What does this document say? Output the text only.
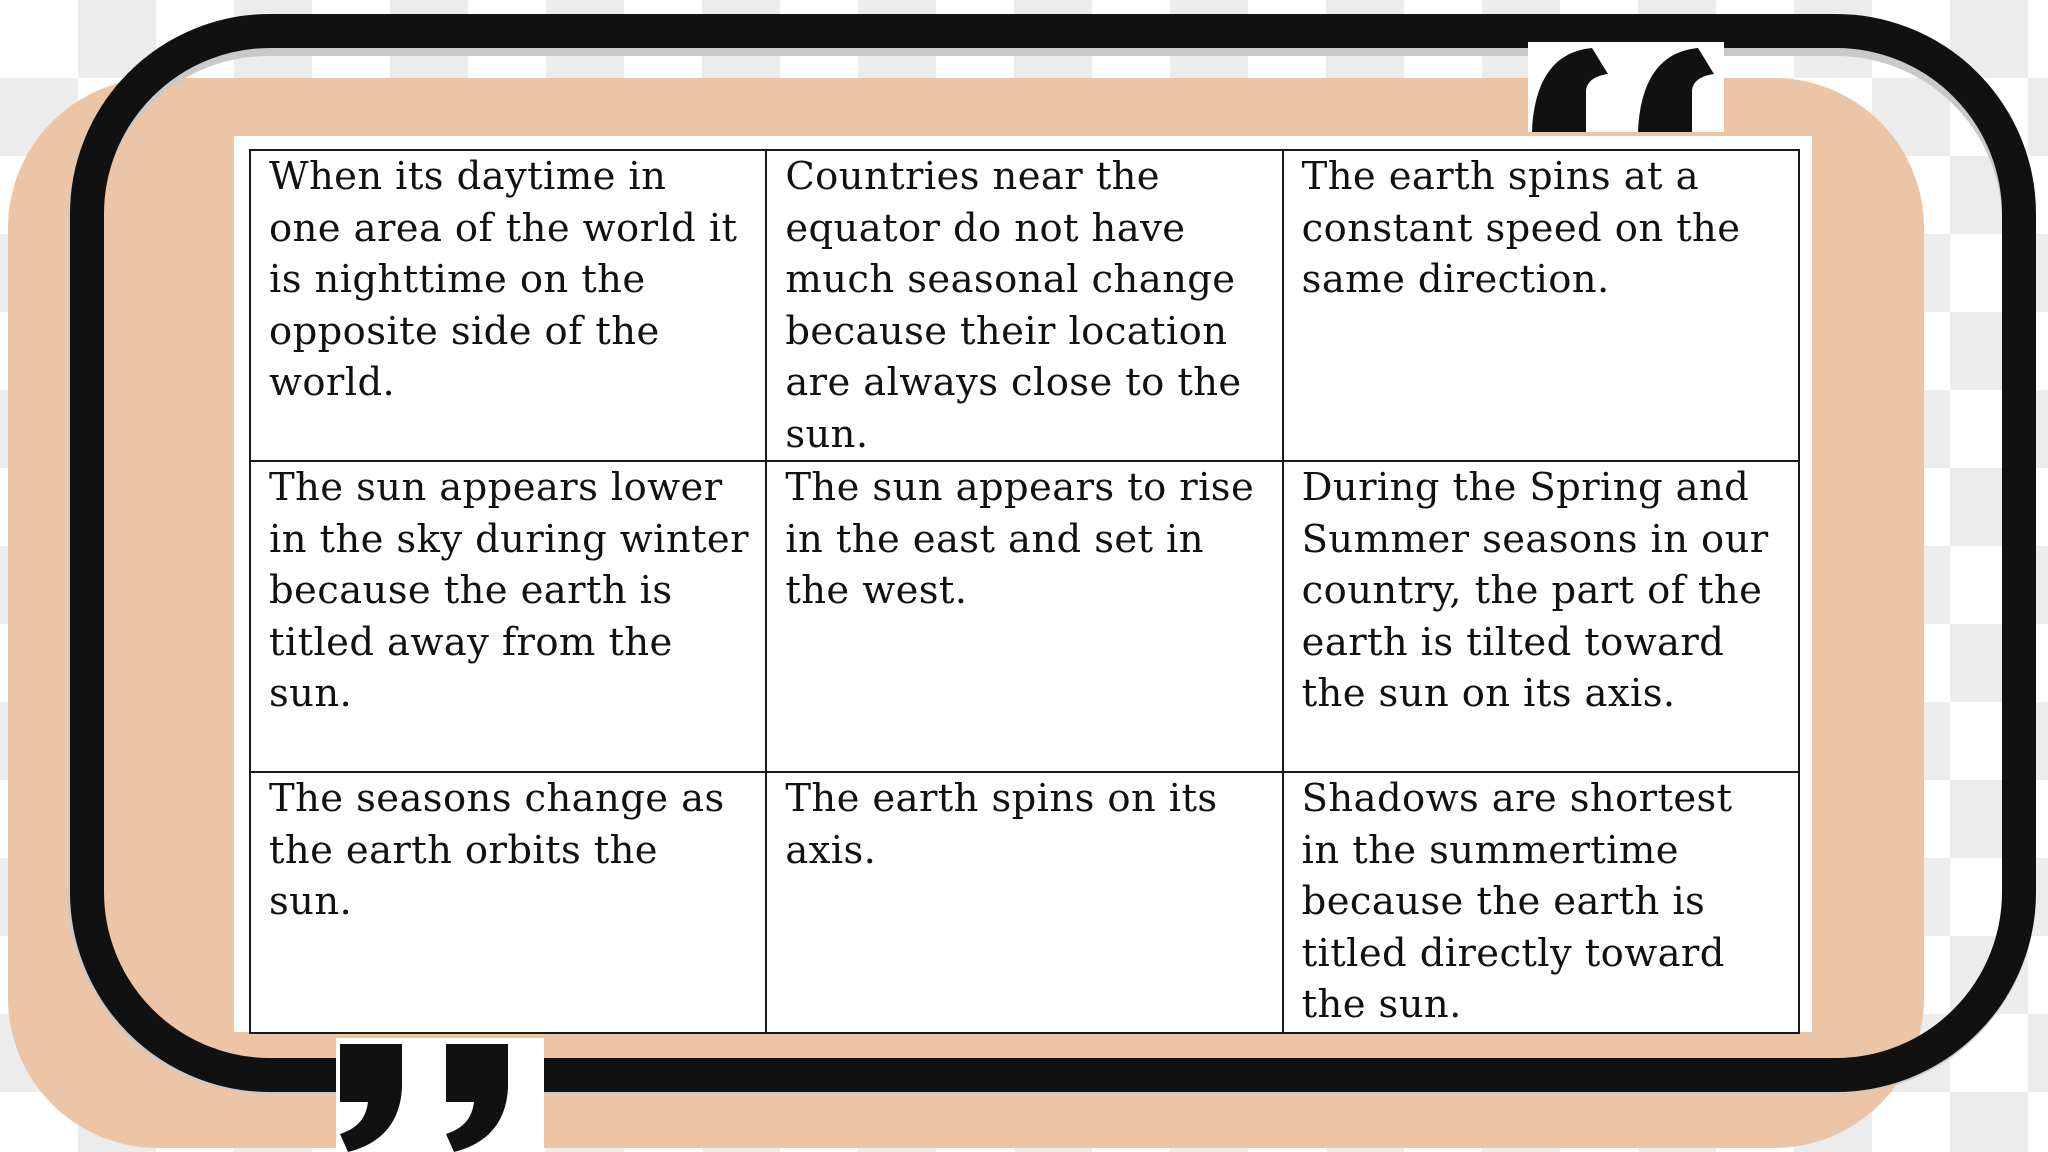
When its daytime in one area of the world it is nighttime on the opposite side of the world.	Countries near the equator do not have much seasonal change because their location are always close to the sun.	The earth spins at a constant speed on the same direction.
The sun appears lower in the sky during winter because the earth is titled away from the sun.	The sun appears to rise in the east and set in the west.	During the Spring and Summer seasons in our country, the part of the earth is tilted toward the sun on its axis.
The seasons change as the earth orbits the sun.	The earth spins on its axis.	Shadows are shortest in the summertime because the earth is titled directly toward the sun.
